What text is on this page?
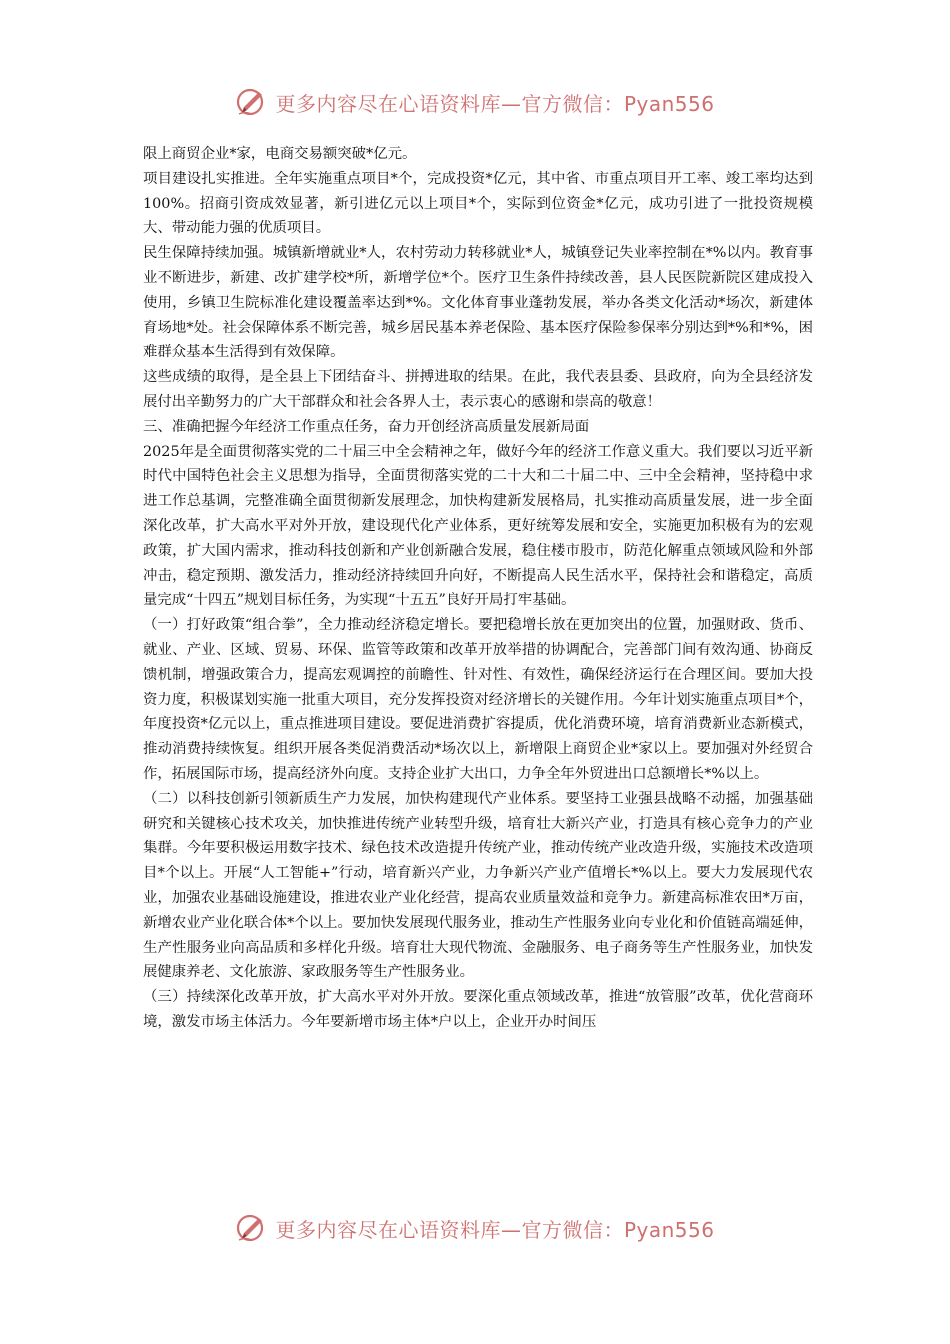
更多内容尽在心语资料库—官方微信：Pyan556

限上商贸企业*家，电商交易额突破*亿元。

项目建设扎实推进。全年实施重点项目*个，完成投资*亿元，其中省、市重点项目开工率、竣工率均达到100%。招商引资成效显著，新引进亿元以上项目*个，实际到位资金*亿元，成功引进了一批投资规模大、带动能力强的优质项目。

民生保障持续加强。城镇新增就业*人，农村劳动力转移就业*人，城镇登记失业率控制在*%以内。教育事业不断进步，新建、改扩建学校*所，新增学位*个。医疗卫生条件持续改善，县人民医院新院区建成投入使用，乡镇卫生院标准化建设覆盖率达到*%。文化体育事业蓬勃发展，举办各类文化活动*场次，新建体育场地*处。社会保障体系不断完善，城乡居民基本养老保险、基本医疗保险参保率分别达到*%和*%，困难群众基本生活得到有效保障。

这些成绩的取得，是全县上下团结奋斗、拼搏进取的结果。在此，我代表县委、县政府，向为全县经济发展付出辛勤努力的广大干部群众和社会各界人士，表示衷心的感谢和崇高的敬意！

三、准确把握今年经济工作重点任务，奋力开创经济高质量发展新局面

2025年是全面贯彻落实党的二十届三中全会精神之年，做好今年的经济工作意义重大。我们要以习近平新时代中国特色社会主义思想为指导，全面贯彻落实党的二十大和二十届二中、三中全会精神，坚持稳中求进工作总基调，完整准确全面贯彻新发展理念，加快构建新发展格局，扎实推动高质量发展，进一步全面深化改革，扩大高水平对外开放，建设现代化产业体系，更好统筹发展和安全，实施更加积极有为的宏观政策，扩大国内需求，推动科技创新和产业创新融合发展，稳住楼市股市，防范化解重点领域风险和外部冲击，稳定预期、激发活力，推动经济持续回升向好，不断提高人民生活水平，保持社会和谐稳定，高质量完成“十四五”规划目标任务，为实现“十五五”良好开局打牢基础。

（一）打好政策“组合拳”，全力推动经济稳定增长。要把稳增长放在更加突出的位置，加强财政、货币、就业、产业、区域、贸易、环保、监管等政策和改革开放举措的协调配合，完善部门间有效沟通、协商反馈机制，增强政策合力，提高宏观调控的前瞻性、针对性、有效性，确保经济运行在合理区间。要加大投资力度，积极谋划实施一批重大项目，充分发挥投资对经济增长的关键作用。今年计划实施重点项目*个，年度投资*亿元以上，重点推进项目建设。要促进消费扩容提质，优化消费环境，培育消费新业态新模式，推动消费持续恢复。组织开展各类促消费活动*场次以上，新增限上商贸企业*家以上。要加强对外经贸合作，拓展国际市场，提高经济外向度。支持企业扩大出口，力争全年外贸进出口总额增长*%以上。

（二）以科技创新引领新质生产力发展，加快构建现代产业体系。要坚持工业强县战略不动摇，加强基础研究和关键核心技术攻关，加快推进传统产业转型升级，培育壮大新兴产业，打造具有核心竞争力的产业集群。今年要积极运用数字技术、绿色技术改造提升传统产业，推动传统产业改造升级，实施技术改造项目*个以上。开展“人工智能+”行动，培育新兴产业，力争新兴产业产值增长*%以上。要大力发展现代农业，加强农业基础设施建设，推进农业产业化经营，提高农业质量效益和竞争力。新建高标准农田*万亩，新增农业产业化联合体*个以上。要加快发展现代服务业，推动生产性服务业向专业化和价值链高端延伸，生产性服务业向高品质和多样化升级。培育壮大现代物流、金融服务、电子商务等生产性服务业，加快发展健康养老、文化旅游、家政服务等生产性服务业。

（三）持续深化改革开放，扩大高水平对外开放。要深化重点领域改革，推进“放管服”改革，优化营商环境，激发市场主体活力。今年要新增市场主体*户以上，企业开办时间压

更多内容尽在心语资料库—官方微信：Pyan556
